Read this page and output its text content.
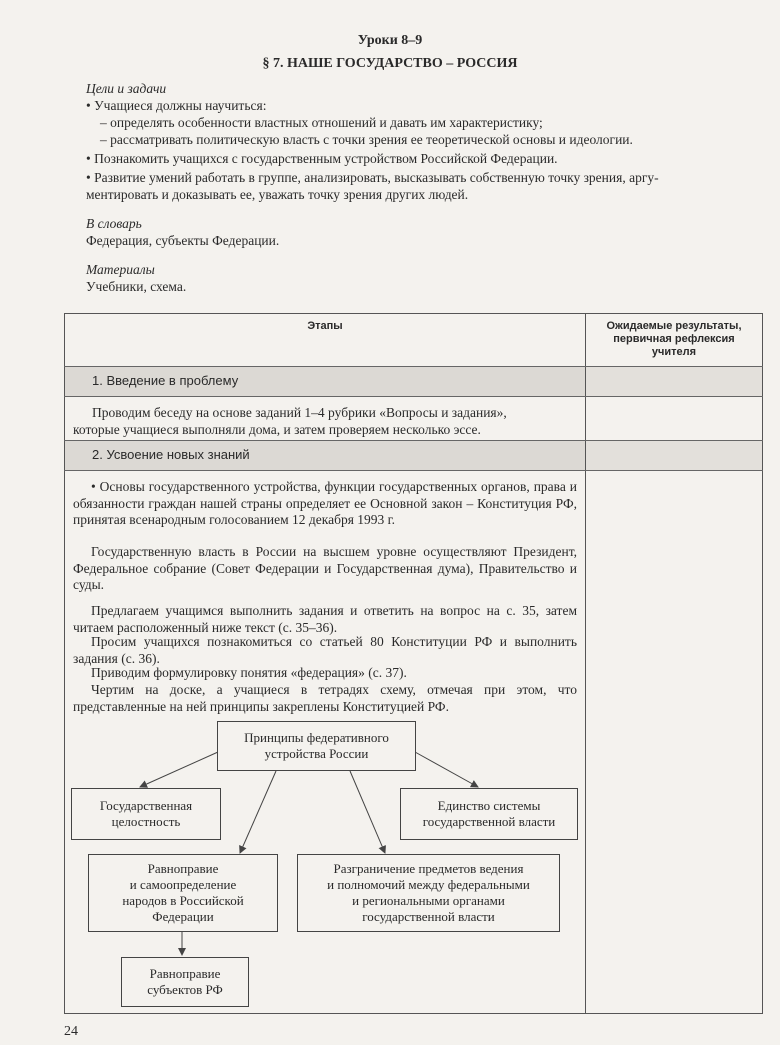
Уроки 8–9
§ 7. НАШЕ ГОСУДАРСТВО – РОССИЯ
Цели и задачи
• Учащиеся должны научиться:
– определять особенности властных отношений и давать им характеристику;
– рассматривать политическую власть с точки зрения ее теоретической основы и идеологии.
• Познакомить учащихся с государственным устройством Российской Федерации.
• Развитие умений работать в группе, анализировать, высказывать собственную точку зрения, аргу-
ментировать и доказывать ее, уважать точку зрения других людей.
В словарь
Федерация, субъекты Федерации.
Материалы
Учебники, схема.
Этапы	Ожидаемые результаты,
первичная рефлексия
учителя
1. Введение в проблему
Проводим беседу на основе заданий 1–4 рубрики «Вопросы и задания»,
которые учащиеся выполняли дома, и затем проверяем несколько эссе.
2. Усвоение новых знаний
• Основы государственного устройства, функции государственных органов, права и обязанности граждан нашей страны определяет ее Основной закон – Конституция РФ, принятая всенародным голосованием 12 декабря 1993 г.
Государственную власть в России на высшем уровне осуществляют Президент, Федеральное собрание (Совет Федерации и Государственная дума), Правительство и суды.
Предлагаем учащимся выполнить задания и ответить на вопрос на с. 35, затем читаем расположенный ниже текст (с. 35–36).
Просим учащихся познакомиться со статьей 80 Конституции РФ и выполнить задания (с. 36).
Приводим формулировку понятия «федерация» (с. 37).
Чертим на доске, а учащиеся в тетрадях схему, отмечая при этом, что представленные на ней принципы закреплены Конституцией РФ.
Принципы федеративного
устройства России
Государственная
целостность
Единство системы
государственной власти
Равноправие
и самоопределение
народов в Российской
Федерации
Разграничение предметов ведения
и полномочий между федеральными
и региональными органами
государственной власти
Равноправие
субъектов РФ
24
